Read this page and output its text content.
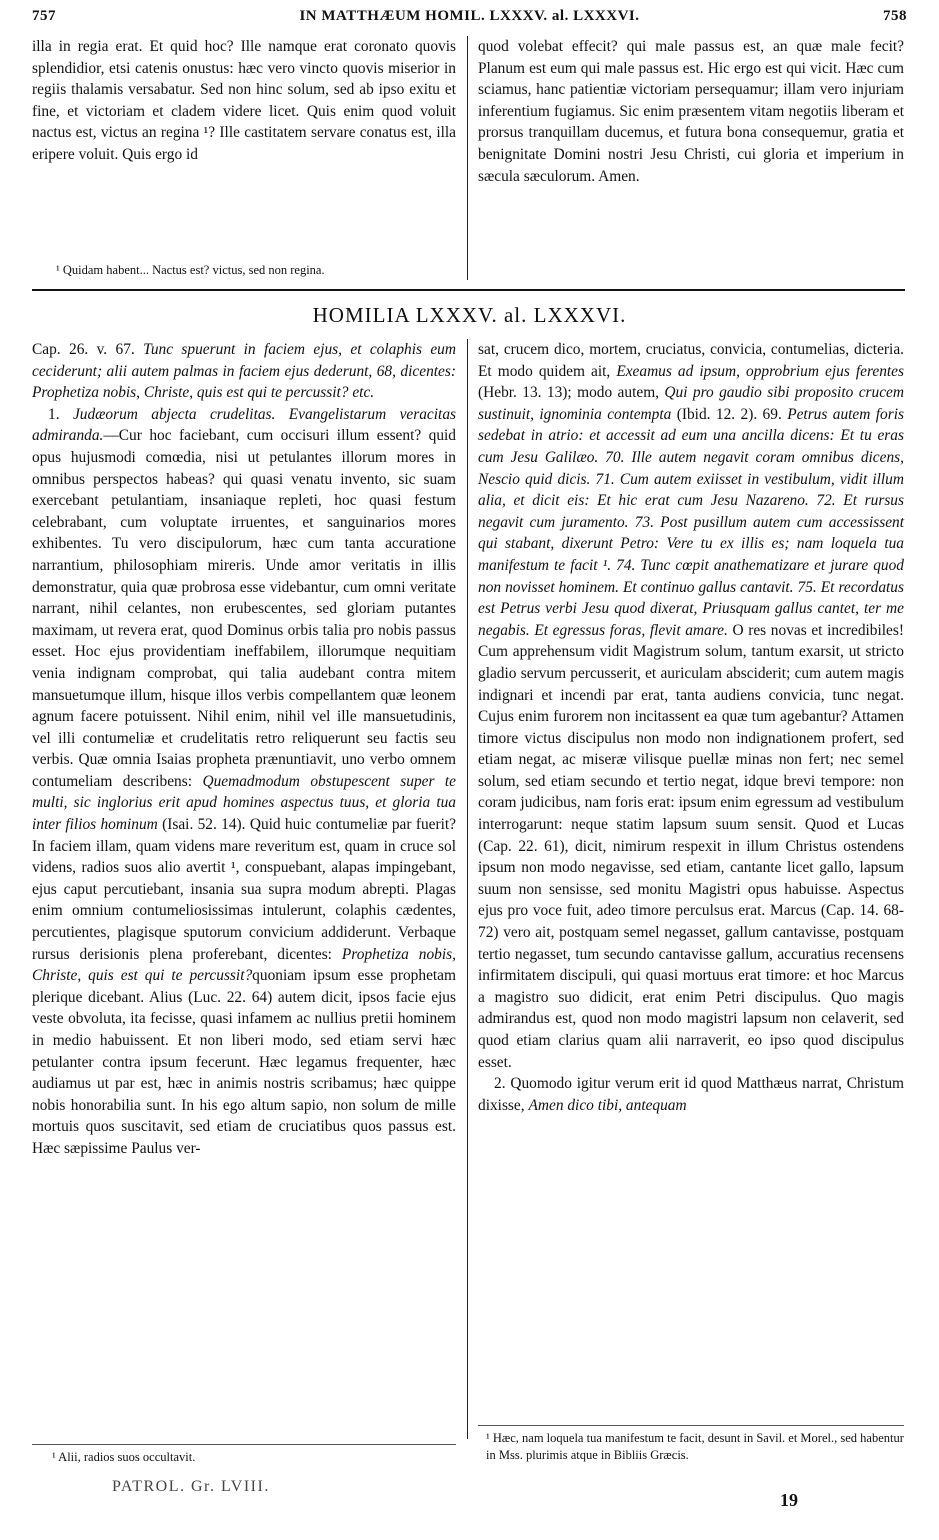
757	IN MATTHÆUM HOMIL. LXXXV. al. LXXXVI.	758

illa in regia erat. Et quid hoc? Ille namque erat coronato quovis splendidior, etsi catenis onustus: hæc vero vincto quovis miserior in regiis thalamis versabatur. Sed non hinc solum, sed ab ipso exitu et fine, et victoriam et cladem videre licet. Quis enim quod voluit nactus est, victus an regina ¹? Ille castitatem servare conatus est, illa eripere voluit. Quis ergo id

¹ Quidam habent... Nactus est? victus, sed non regina.

quod volebat effecit? qui male passus est, an quæ male fecit? Planum est eum qui male passus est. Hic ergo est qui vicit. Hæc cum sciamus, hanc patientiæ victoriam persequamur; illam vero injuriam inferentium fugiamus. Sic enim præsentem vitam negotiis liberam et prorsus tranquillam ducemus, et futura bona consequemur, gratia et benignitate Domini nostri Jesu Christi, cui gloria et imperium in sæcula sæculorum. Amen.

HOMILIA LXXXV. al. LXXXVI.

Cap. 26. v. 67. Tunc spuerunt in faciem ejus, et colaphis eum ceciderunt; alii autem palmas in faciem ejus dederunt, 68, dicentes: Prophetiza nobis, Christe, quis est qui te percussit? etc.

1. Judæorum abjecta crudelitas. Evangelistarum veracitas admiranda.—Cur hoc faciebant, cum occisuri illum essent? quid opus hujusmodi comœdia, nisi ut petulantes illorum mores in omnibus perspectos habeas? qui quasi venatu invento, sic suam exercebant petulantiam, insaniaque repleti, hoc quasi festum celebrabant, cum voluptate irruentes, et sanguinarios mores exhibentes. Tu vero discipulorum, hæc cum tanta accuratione narrantium, philosophiam mireris. Unde amor veritatis in illis demonstratur, quia quæ probrosa esse videbantur, cum omni veritate narrant, nihil celantes, non erubescentes, sed gloriam putantes maximam, ut revera erat, quod Dominus orbis talia pro nobis passus esset. Hoc ejus providentiam ineffabilem, illorumque nequitiam venia indignam comprobat, qui talia audebant contra mitem mansuetumque illum, hisque illos verbis compellantem quæ leonem agnum facere potuissent. Nihil enim, nihil vel ille mansuetudinis, vel illi contumeliæ et crudelitatis retro reliquerunt seu factis seu verbis. Quæ omnia Isaias propheta prænuntiavit, uno verbo omnem contumeliam describens: Quemadmodum obstupescent super te multi, sic inglorius erit apud homines aspectus tuus, et gloria tua inter filios hominum (Isai. 52. 14). Quid huic contumeliæ par fuerit? In faciem illam, quam videns mare reveritum est, quam in cruce sol videns, radios suos alio avertit ¹, conspuebant, alapas impingebant, ejus caput percutiebant, insania sua supra modum abrepti. Plagas enim omnium contumeliosissimas intulerunt, colaphis cædentes, percutientes, plagisque sputorum convicium addiderunt. Verbaque rursus derisionis plena proferebant, dicentes: Prophetiza nobis, Christe, quis est qui te percussit?quoniam ipsum esse prophetam plerique dicebant. Alius (Luc. 22. 64) autem dicit, ipsos facie ejus veste obvoluta, ita fecisse, quasi infamem ac nullius pretii hominem in medio habuissent. Et non liberi modo, sed etiam servi hæc petulanter contra ipsum fecerunt. Hæc legamus frequenter, hæc audiamus ut par est, hæc in animis nostris scribamus; hæc quippe nobis honorabilia sunt. In his ego altum sapio, non solum de mille mortuis quos suscitavit, sed etiam de cruciatibus quos passus est. Hæc sæpissime Paulus ver-

sat, crucem dico, mortem, cruciatus, convicia, contumelias, dicteria. Et modo quidem ait, Exeamus ad ipsum, opprobrium ejus ferentes (Hebr. 13. 13); modo autem, Qui pro gaudio sibi proposito crucem sustinuit, ignominia contempta (Ibid. 12. 2). 69. Petrus autem foris sedebat in atrio: et accessit ad eum una ancilla dicens: Et tu eras cum Jesu Galilæo. 70. Ille autem negavit coram omnibus dicens, Nescio quid dicis. 71. Cum autem exiisset in vestibulum, vidit illum alia, et dicit eis: Et hic erat cum Jesu Nazareno. 72. Et rursus negavit cum juramento. 73. Post pusillum autem cum accessissent qui stabant, dixerunt Petro: Vere tu ex illis es; nam loquela tua manifestum te facit ¹. 74. Tunc cœpit anathematizare et jurare quod non novisset hominem. Et continuo gallus cantavit. 75. Et recordatus est Petrus verbi Jesu quod dixerat, Priusquam gallus cantet, ter me negabis. Et egressus foras, flevit amare. O res novas et incredibiles! Cum apprehensum vidit Magistrum solum, tantum exarsit, ut stricto gladio servum percusserit, et auriculam absciderit; cum autem magis indignari et incendi par erat, tanta audiens convicia, tunc negat. Cujus enim furorem non incitassent ea quæ tum agebantur? Attamen timore victus discipulus non modo non indignationem profert, sed etiam negat, ac miseræ vilisque puellæ minas non fert; nec semel solum, sed etiam secundo et tertio negat, idque brevi tempore: non coram judicibus, nam foris erat: ipsum enim egressum ad vestibulum interrogarunt: neque statim lapsum suum sensit. Quod et Lucas (Cap. 22. 61), dicit, nimirum respexit in illum Christus ostendens ipsum non modo negavisse, sed etiam, cantante licet gallo, lapsum suum non sensisse, sed monitu Magistri opus habuisse. Aspectus ejus pro voce fuit, adeo timore perculsus erat. Marcus (Cap. 14. 68-72) vero ait, postquam semel negasset, gallum cantavisse, postquam tertio negasset, tum secundo cantavisse gallum, accuratius recensens infirmitatem discipuli, qui quasi mortuus erat timore: et hoc Marcus a magistro suo didicit, erat enim Petri discipulus. Quo magis admirandus est, quod non modo magistri lapsum non celaverit, sed quod etiam clarius quam alii narraverit, eo ipso quod discipulus esset.

2. Quomodo igitur verum erit id quod Matthæus narrat, Christum dixisse, Amen dico tibi, antequam

¹ Alii, radios suos occultavit.
¹ Hæc, nam loquela tua manifestum te facit, desunt in Savil. et Morel., sed habentur in Mss. plurimis atque in Bibliis Græcis.
PATROL. Gr. LVIII.
19
